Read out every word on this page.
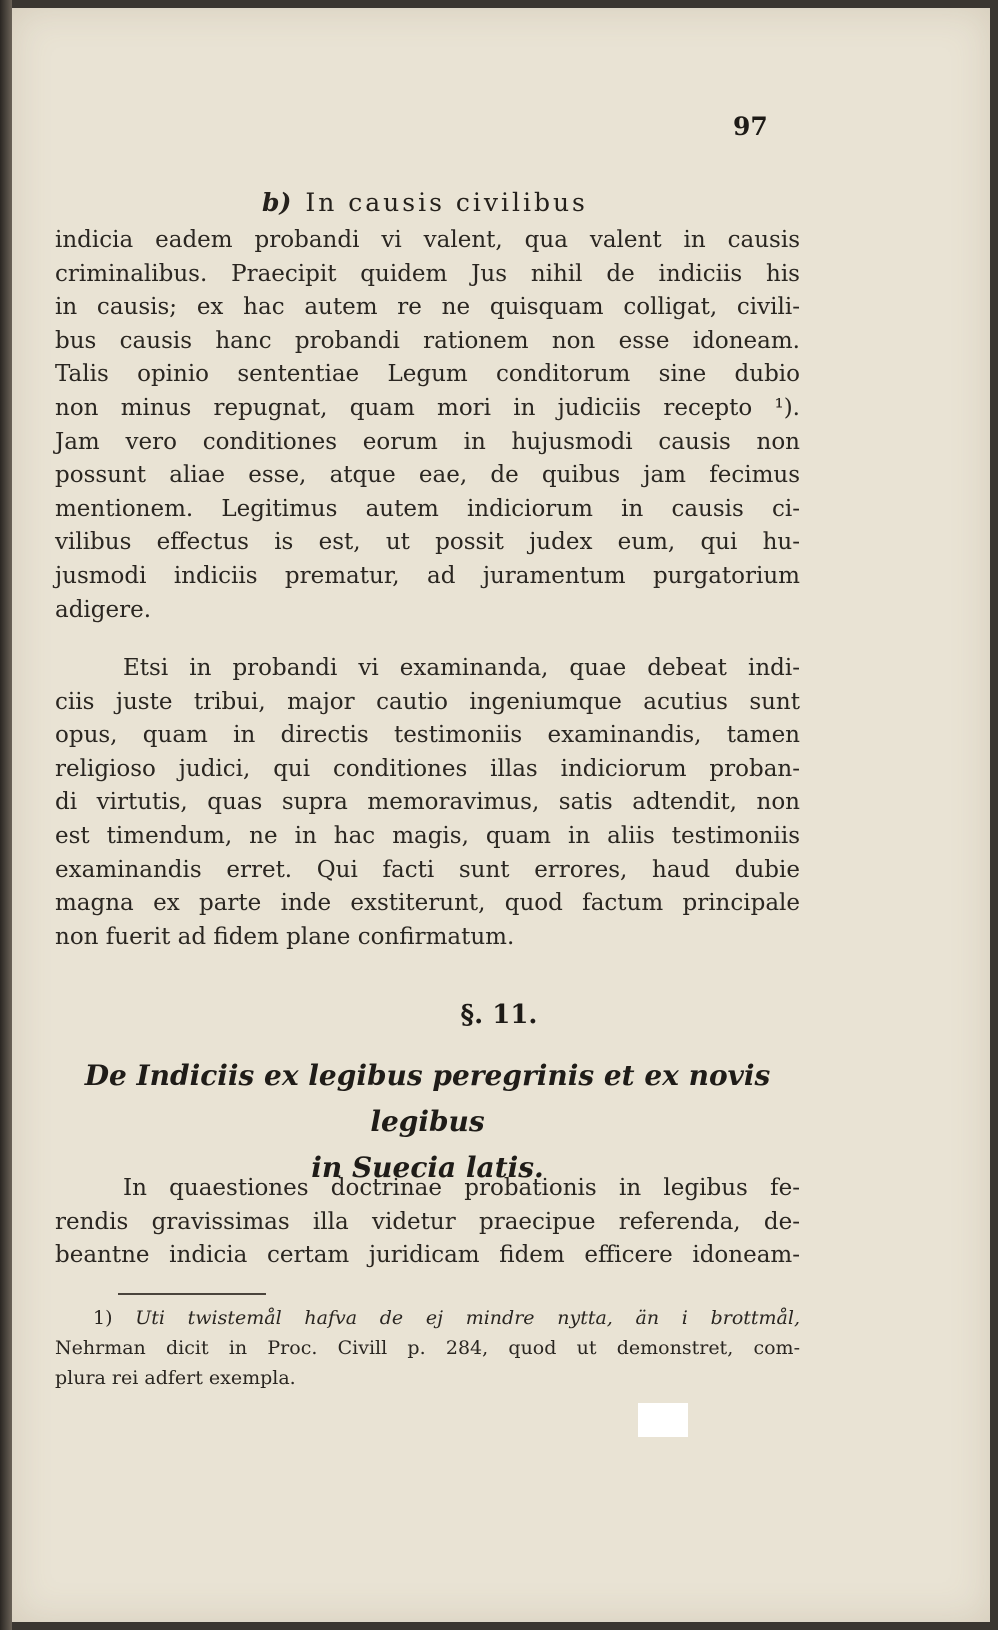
97
b) In causis civilibus
indicia eadem probandi vi valent, qua valent in causis
criminalibus. Praecipit quidem Jus nihil de indiciis his
in causis; ex hac autem re ne quisquam colligat, civili-
bus causis hanc probandi rationem non esse idoneam.
Talis opinio sententiae Legum conditorum sine dubio
non minus repugnat, quam mori in judiciis recepto ¹).
Jam vero conditiones eorum in hujusmodi causis non
possunt aliae esse, atque eae, de quibus jam fecimus
mentionem. Legitimus autem indiciorum in causis ci-
vilibus effectus is est, ut possit judex eum, qui hu-
jusmodi indiciis prematur, ad juramentum purgatorium
adigere.
Etsi in probandi vi examinanda, quae debeat indi-
ciis juste tribui, major cautio ingeniumque acutius sunt
opus, quam in directis testimoniis examinandis, tamen
religioso judici, qui conditiones illas indiciorum proban-
di virtutis, quas supra memoravimus, satis adtendit, non
est timendum, ne in hac magis, quam in aliis testimoniis
examinandis erret. Qui facti sunt errores, haud dubie
magna ex parte inde exstiterunt, quod factum principale
non fuerit ad fidem plane confirmatum.
§. 11.
De Indiciis ex legibus peregrinis et ex novis legibus
in Suecia latis.
In quaestiones doctrinae probationis in legibus fe-
rendis gravissimas illa videtur praecipue referenda, de-
beantne indicia certam juridicam fidem efficere idoneam-
1) Uti twistemål hafva de ej mindre nytta, än i brottmål,
Nehrman dicit in Proc. Civill p. 284, quod ut demonstret, com-
plura rei adfert exempla.
